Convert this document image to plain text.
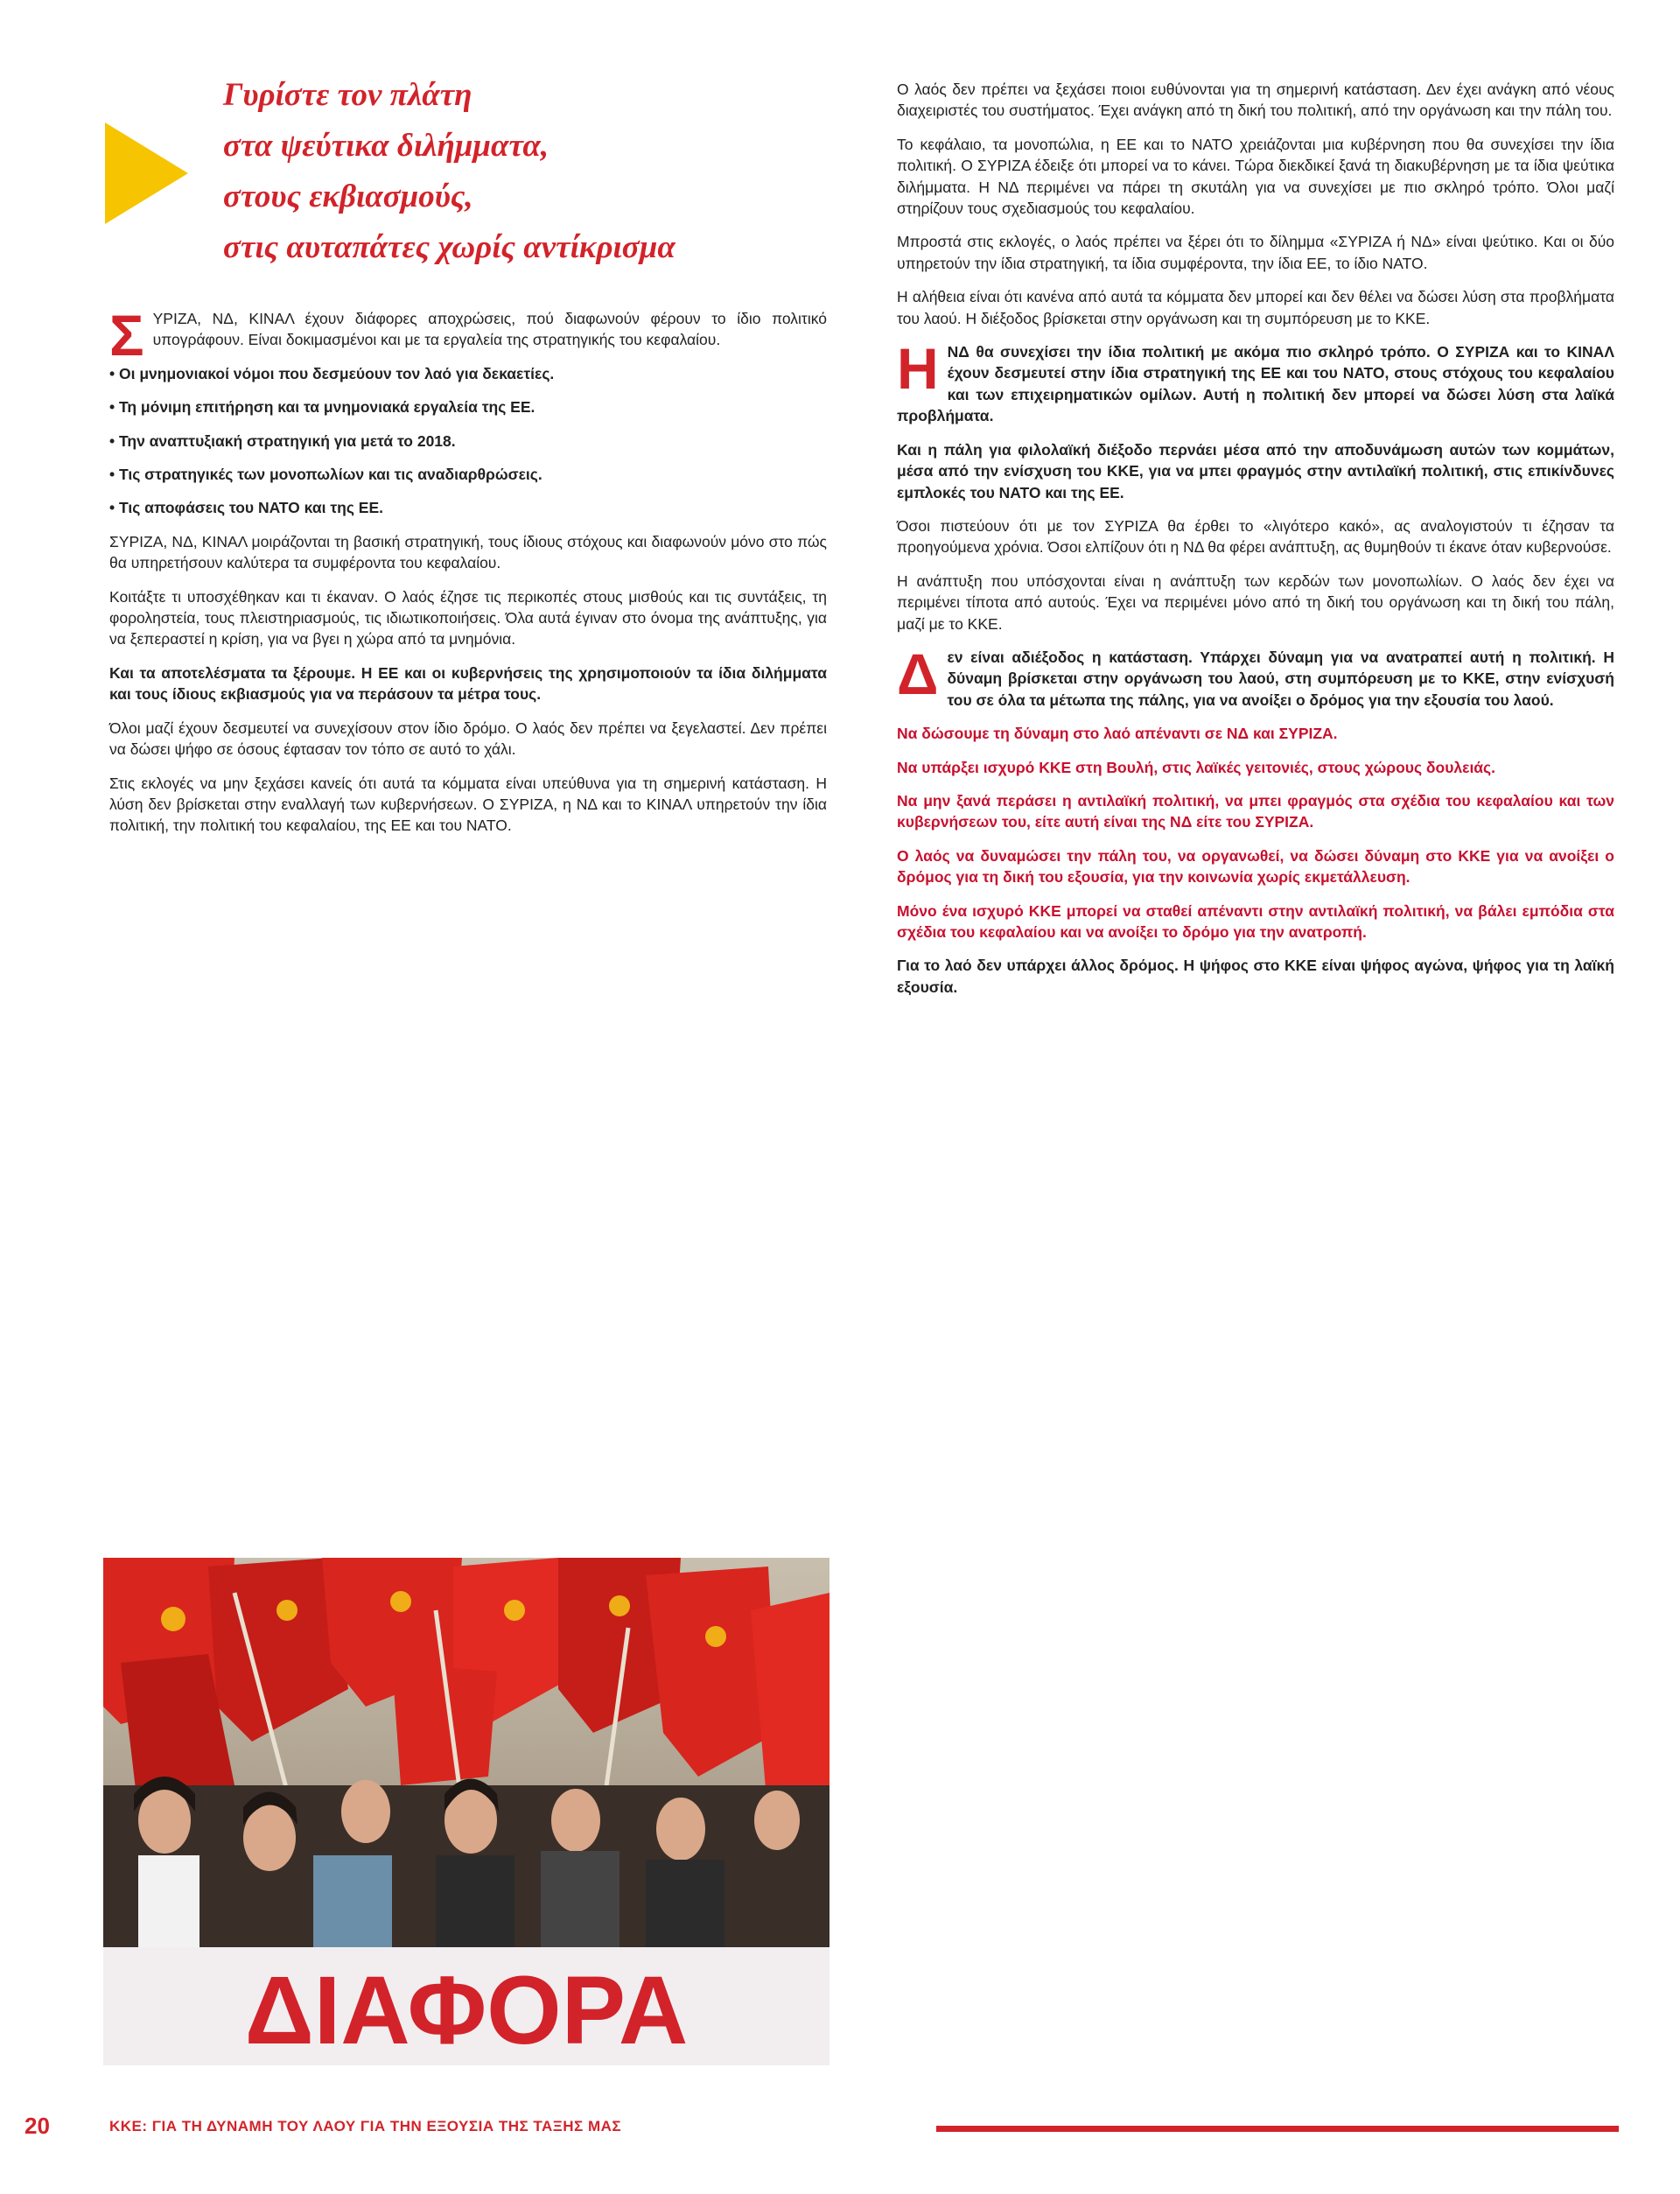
Γυρίστε τον πλάτη
στα ψεύτικα διλήμματα,
στους εκβιασμούς,
στις αυταπάτες χωρίς αντίκρισμα

ΣΥΡΙΖΑ, ΝΔ, ΚΙΝΑΛ έχουν διάφορες αποχρώσεις, πού διαφωνούν φέρουν το ίδιο πολιτικό υπογράφουν. Είναι δοκιμασμένοι και με τα εργαλεία της στρατηγικής του κεφαλαίου.

• Οι μνημονιακοί νόμοι που δεσμεύουν τον λαό για δεκαετίες.

• Τη μόνιμη επιτήρηση και τα μνημονιακά εργαλεία της ΕΕ.

• Την αναπτυξιακή στρατηγική για μετά το 2018.

• Τις στρατηγικές των μονοπωλίων και τις αναδιαρθρώσεις.

• Τις αποφάσεις του ΝΑΤΟ και της ΕΕ.

ΣΥΡΙΖΑ, ΝΔ, ΚΙΝΑΛ μοιράζονται τη βασική στρατηγική, τους ίδιους στόχους και διαφωνούν μόνο στο πώς θα υπηρετήσουν καλύτερα τα συμφέροντα του κεφαλαίου.

Κοιτάξτε τι υποσχέθηκαν και τι έκαναν. Ο λαός έζησε τις περικοπές στους μισθούς και τις συντάξεις, τη φοροληστεία, τους πλειστηριασμούς, τις ιδιωτικοποιήσεις. Όλα αυτά έγιναν στο όνομα της ανάπτυξης, για να ξεπεραστεί η κρίση, για να βγει η χώρα από τα μνημόνια.

Και τα αποτελέσματα τα ξέρουμε. Η ΕΕ και οι κυβερνήσεις της χρησιμοποιούν τα ίδια διλήμματα και τους ίδιους εκβιασμούς για να περάσουν τα μέτρα τους.

Όλοι μαζί έχουν δεσμευτεί να συνεχίσουν στον ίδιο δρόμο. Ο λαός δεν πρέπει να ξεγελαστεί. Δεν πρέπει να δώσει ψήφο σε όσους έφτασαν τον τόπο σε αυτό το χάλι.

Στις εκλογές να μην ξεχάσει κανείς ότι αυτά τα κόμματα είναι υπεύθυνα για τη σημερινή κατάσταση. Η λύση δεν βρίσκεται στην εναλλαγή των κυβερνήσεων. Ο ΣΥΡΙΖΑ, η ΝΔ και το ΚΙΝΑΛ υπηρετούν την ίδια πολιτική, την πολιτική του κεφαλαίου, της ΕΕ και του ΝΑΤΟ.

ΔΙΑΦΟΡΑ

Ο λαός δεν πρέπει να ξεχάσει ποιοι ευθύνονται για τη σημερινή κατάσταση. Δεν έχει ανάγκη από νέους διαχειριστές του συστήματος. Έχει ανάγκη από τη δική του πολιτική, από την οργάνωση και την πάλη του.

Το κεφάλαιο, τα μονοπώλια, η ΕΕ και το ΝΑΤΟ χρειάζονται μια κυβέρνηση που θα συνεχίσει την ίδια πολιτική. Ο ΣΥΡΙΖΑ έδειξε ότι μπορεί να το κάνει. Τώρα διεκδικεί ξανά τη διακυβέρνηση με τα ίδια ψεύτικα διλήμματα. Η ΝΔ περιμένει να πάρει τη σκυτάλη για να συνεχίσει με πιο σκληρό τρόπο. Όλοι μαζί στηρίζουν τους σχεδιασμούς του κεφαλαίου.

Μπροστά στις εκλογές, ο λαός πρέπει να ξέρει ότι το δίλημμα «ΣΥΡΙΖΑ ή ΝΔ» είναι ψεύτικο. Και οι δύο υπηρετούν την ίδια στρατηγική, τα ίδια συμφέροντα, την ίδια ΕΕ, το ίδιο ΝΑΤΟ.

Η αλήθεια είναι ότι κανένα από αυτά τα κόμματα δεν μπορεί και δεν θέλει να δώσει λύση στα προβλήματα του λαού. Η διέξοδος βρίσκεται στην οργάνωση και τη συμπόρευση με το ΚΚΕ.

ΗΝΔ θα συνεχίσει την ίδια πολιτική με ακόμα πιο σκληρό τρόπο. Ο ΣΥΡΙΖΑ και το ΚΙΝΑΛ έχουν δεσμευτεί στην ίδια στρατηγική της ΕΕ και του ΝΑΤΟ, στους στόχους του κεφαλαίου και των επιχειρηματικών ομίλων. Αυτή η πολιτική δεν μπορεί να δώσει λύση στα λαϊκά προβλήματα.

Και η πάλη για φιλολαϊκή διέξοδο περνάει μέσα από την αποδυνάμωση αυτών των κομμάτων, μέσα από την ενίσχυση του ΚΚΕ, για να μπει φραγμός στην αντιλαϊκή πολιτική, στις επικίνδυνες εμπλοκές του ΝΑΤΟ και της ΕΕ.

Όσοι πιστεύουν ότι με τον ΣΥΡΙΖΑ θα έρθει το «λιγότερο κακό», ας αναλογιστούν τι έζησαν τα προηγούμενα χρόνια. Όσοι ελπίζουν ότι η ΝΔ θα φέρει ανάπτυξη, ας θυμηθούν τι έκανε όταν κυβερνούσε.

Η ανάπτυξη που υπόσχονται είναι η ανάπτυξη των κερδών των μονοπωλίων. Ο λαός δεν έχει να περιμένει τίποτα από αυτούς. Έχει να περιμένει μόνο από τη δική του οργάνωση και τη δική του πάλη, μαζί με το ΚΚΕ.

Δεν είναι αδιέξοδος η κατάσταση. Υπάρχει δύναμη για να ανατραπεί αυτή η πολιτική. Η δύναμη βρίσκεται στην οργάνωση του λαού, στη συμπόρευση με το ΚΚΕ, στην ενίσχυσή του σε όλα τα μέτωπα της πάλης, για να ανοίξει ο δρόμος για την εξουσία του λαού.

Να δώσουμε τη δύναμη στο λαό απέναντι σε ΝΔ και ΣΥΡΙΖΑ.

Να υπάρξει ισχυρό ΚΚΕ στη Βουλή, στις λαϊκές γειτονιές, στους χώρους δουλειάς.

Να μην ξανά περάσει η αντιλαϊκή πολιτική, να μπει φραγμός στα σχέδια του κεφαλαίου και των κυβερνήσεων του, είτε αυτή είναι της ΝΔ είτε του ΣΥΡΙΖΑ.

Ο λαός να δυναμώσει την πάλη του, να οργανωθεί, να δώσει δύναμη στο ΚΚΕ για να ανοίξει ο δρόμος για τη δική του εξουσία, για την κοινωνία χωρίς εκμετάλλευση.

Μόνο ένα ισχυρό ΚΚΕ μπορεί να σταθεί απέναντι στην αντιλαϊκή πολιτική, να βάλει εμπόδια στα σχέδια του κεφαλαίου και να ανοίξει το δρόμο για την ανατροπή.

Για το λαό δεν υπάρχει άλλος δρόμος. Η ψήφος στο ΚΚΕ είναι ψήφος αγώνα, ψήφος για τη λαϊκή εξουσία.

20	ΚΚΕ: ΓΙΑ ΤΗ ΔΥΝΑΜΗ ΤΟΥ ΛΑΟΥ ΓΙΑ ΤΗΝ ΕΞΟΥΣΙΑ ΤΗΣ ΤΑΞΗΣ ΜΑΣ
